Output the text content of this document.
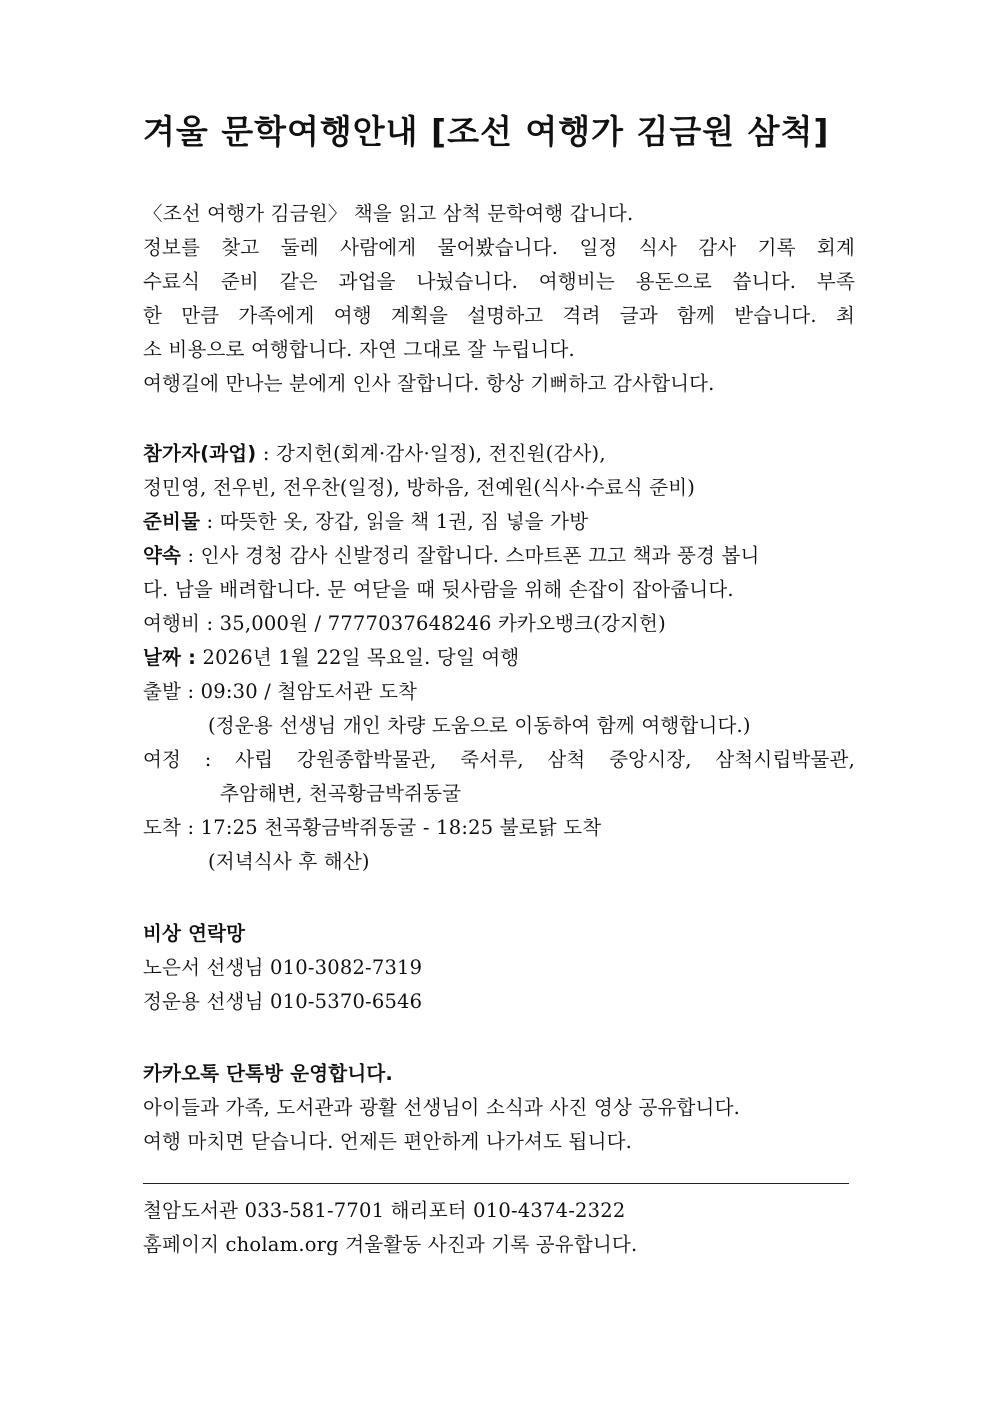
겨울 문학여행안내 [조선 여행가 김금원 삼척]
〈조선 여행가 김금원〉 책을 읽고 삼척 문학여행 갑니다.
정보를 찾고 둘레 사람에게 물어봤습니다. 일정 식사 감사 기록 회계
수료식 준비 같은 과업을 나눴습니다. 여행비는 용돈으로 씁니다. 부족
한 만큼 가족에게 여행 계획을 설명하고 격려 글과 함께 받습니다. 최
소 비용으로 여행합니다. 자연 그대로 잘 누립니다.
여행길에 만나는 분에게 인사 잘합니다. 항상 기뻐하고 감사합니다.
참가자(과업) : 강지헌(회계·감사·일정), 전진원(감사),
정민영, 전우빈, 전우찬(일정), 방하음, 전예원(식사·수료식 준비)
준비물 : 따뜻한 옷, 장갑, 읽을 책 1권, 짐 넣을 가방
약속 : 인사 경청 감사 신발정리 잘합니다. 스마트폰 끄고 책과 풍경 봅니
다. 남을 배려합니다. 문 여닫을 때 뒷사람을 위해 손잡이 잡아줍니다.
여행비 : 35,000원 / 7777037648246 카카오뱅크(강지헌)
날짜 : 2026년 1월 22일 목요일. 당일 여행
출발 : 09:30 / 철암도서관 도착
(정운용 선생님 개인 차량 도움으로 이동하여 함께 여행합니다.)
여정 : 사립 강원종합박물관, 죽서루, 삼척 중앙시장, 삼척시립박물관,
추암해변, 천곡황금박쥐동굴
도착 : 17:25 천곡황금박쥐동굴 - 18:25 불로닭 도착
(저녁식사 후 해산)
비상 연락망
노은서 선생님 010-3082-7319
정운용 선생님 010-5370-6546
카카오톡 단톡방 운영합니다.
아이들과 가족, 도서관과 광활 선생님이 소식과 사진 영상 공유합니다.
여행 마치면 닫습니다. 언제든 편안하게 나가셔도 됩니다.
철암도서관 033-581-7701 해리포터 010-4374-2322
홈페이지 cholam.org 겨울활동 사진과 기록 공유합니다.
